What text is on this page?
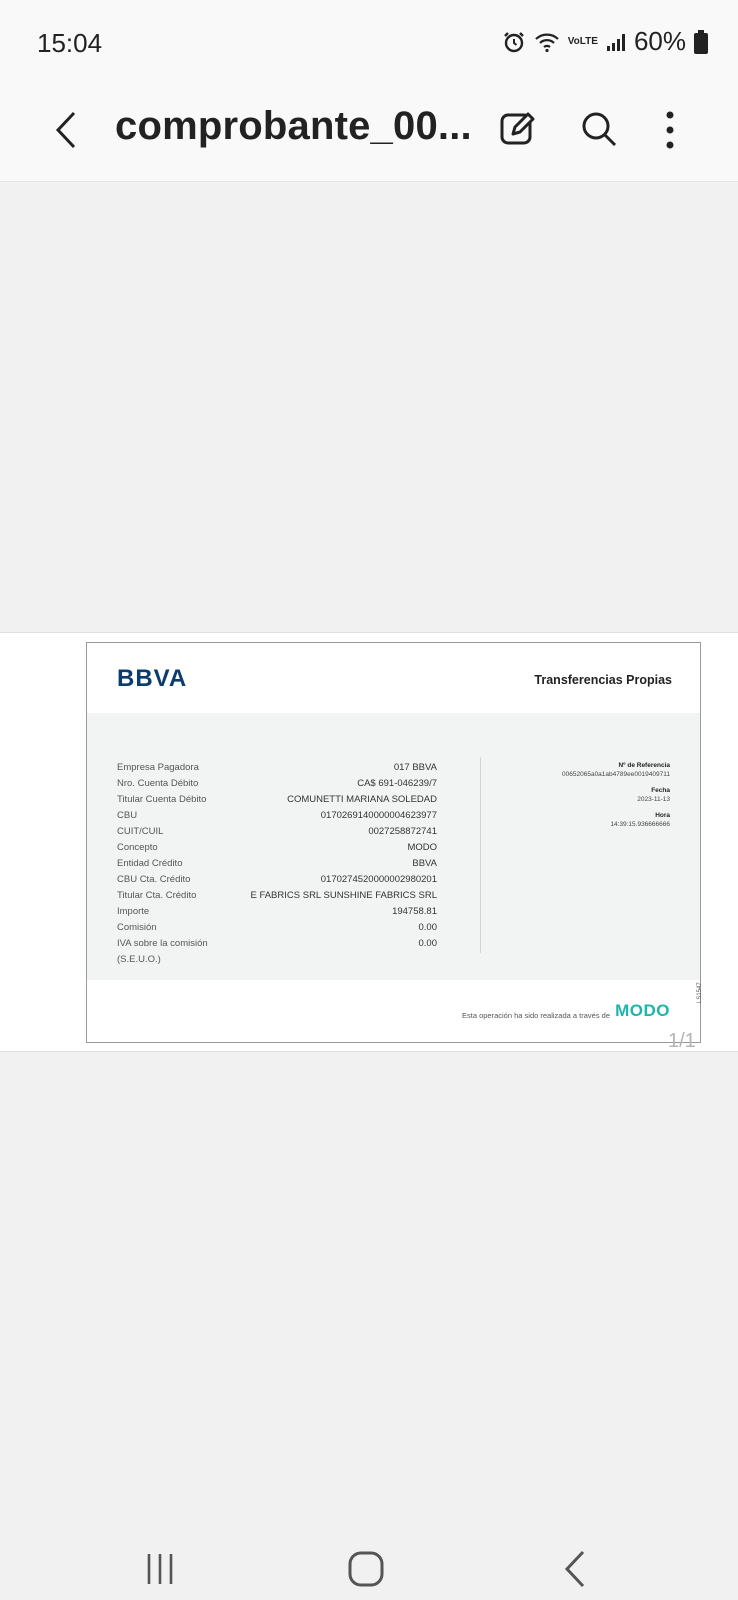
15:04	Vo LTE 60%
comprobante_00...
BBVA	Transferencias Propias
Empresa Pagadora
Nro. Cuenta Débito
Titular Cuenta Débito
CBU
CUIT/CUIL
Concepto
Entidad Crédito
CBU Cta. Crédito
Titular Cta. Crédito
Importe
Comisión
IVA sobre la comisión
(S.E.U.O.)
017 BBVA
CA$ 691-046239/7
COMUNETTI MARIANA SOLEDAD
0170269140000004623977
0027258872741
MODO
BBVA
0170274520000002980201
E FABRICS SRL SUNSHINE FABRICS SRL
194758.81
0.00
0.00
Nº de Referencia
00652065a0a1ab4789ee0019409711
Fecha
2023-11-13
Hora
14:39:15.936666666
Esta operación ha sido realizada a través de MODO
LS1547
1/1
